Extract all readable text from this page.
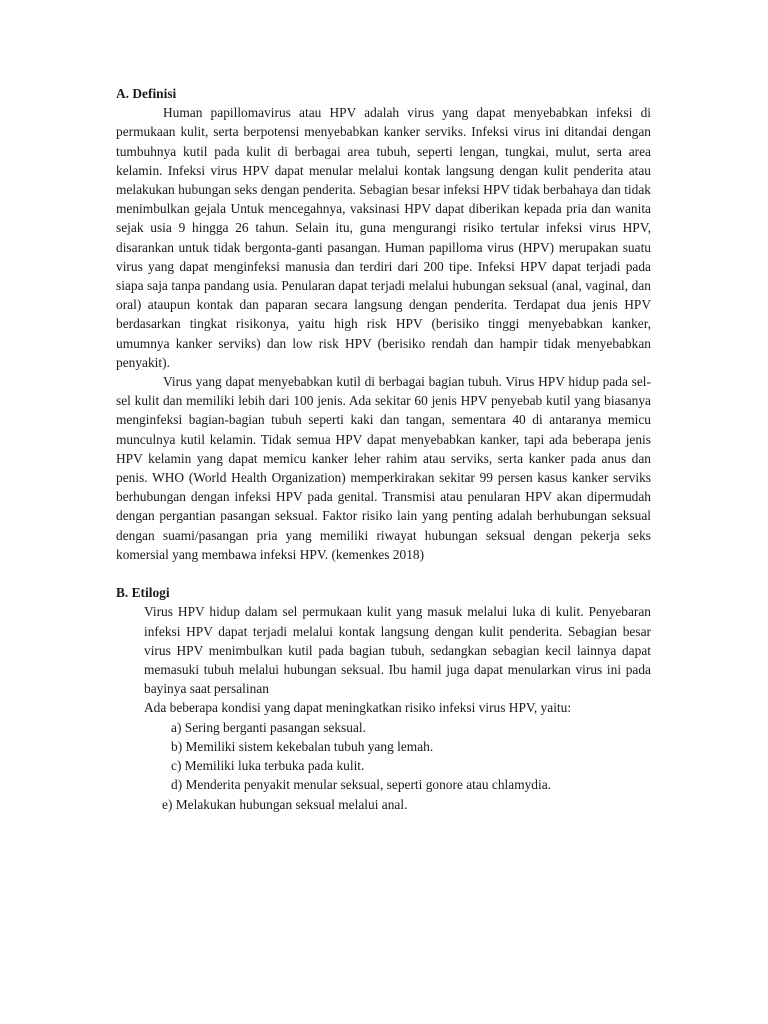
A. Definisi

Human papillomavirus atau HPV adalah virus yang dapat menyebabkan infeksi di permukaan kulit, serta berpotensi menyebabkan kanker serviks. Infeksi virus ini ditandai dengan tumbuhnya kutil pada kulit di berbagai area tubuh, seperti lengan, tungkai, mulut, serta area kelamin. Infeksi virus HPV dapat menular melalui kontak langsung dengan kulit penderita atau melakukan hubungan seks dengan penderita. Sebagian besar infeksi HPV tidak berbahaya dan tidak menimbulkan gejala Untuk mencegahnya, vaksinasi HPV dapat diberikan kepada pria dan wanita sejak usia 9 hingga 26 tahun. Selain itu, guna mengurangi risiko tertular infeksi virus HPV, disarankan untuk tidak bergonta-ganti pasangan. Human papilloma virus (HPV) merupakan suatu virus yang dapat menginfeksi manusia dan terdiri dari 200 tipe. Infeksi HPV dapat terjadi pada siapa saja tanpa pandang usia. Penularan dapat terjadi melalui hubungan seksual (anal, vaginal, dan oral) ataupun kontak dan paparan secara langsung dengan penderita. Terdapat dua jenis HPV berdasarkan tingkat risikonya, yaitu high risk HPV (berisiko tinggi menyebabkan kanker, umumnya kanker serviks) dan low risk HPV (berisiko rendah dan hampir tidak menyebabkan penyakit).

Virus yang dapat menyebabkan kutil di berbagai bagian tubuh. Virus HPV hidup pada sel-sel kulit dan memiliki lebih dari 100 jenis. Ada sekitar 60 jenis HPV penyebab kutil yang biasanya menginfeksi bagian-bagian tubuh seperti kaki dan tangan, sementara 40 di antaranya memicu munculnya kutil kelamin. Tidak semua HPV dapat menyebabkan kanker, tapi ada beberapa jenis HPV kelamin yang dapat memicu kanker leher rahim atau serviks, serta kanker pada anus dan penis. WHO (World Health Organization) memperkirakan sekitar 99 persen kasus kanker serviks berhubungan dengan infeksi HPV pada genital. Transmisi atau penularan HPV akan dipermudah dengan pergantian pasangan seksual. Faktor risiko lain yang penting adalah berhubungan seksual dengan suami/pasangan pria yang memiliki riwayat hubungan seksual dengan pekerja seks komersial yang membawa infeksi HPV. (kemenkes 2018)

B. Etilogi

Virus HPV hidup dalam sel permukaan kulit yang masuk melalui luka di kulit. Penyebaran infeksi HPV dapat terjadi melalui kontak langsung dengan kulit penderita. Sebagian besar virus HPV menimbulkan kutil pada bagian tubuh, sedangkan sebagian kecil lainnya dapat memasuki tubuh melalui hubungan seksual. Ibu hamil juga dapat menularkan virus ini pada bayinya saat persalinan

Ada beberapa kondisi yang dapat meningkatkan risiko infeksi virus HPV, yaitu:

a) Sering berganti pasangan seksual.
b) Memiliki sistem kekebalan tubuh yang lemah.
c) Memiliki luka terbuka pada kulit.
d) Menderita penyakit menular seksual, seperti gonore atau chlamydia.
e) Melakukan hubungan seksual melalui anal.
